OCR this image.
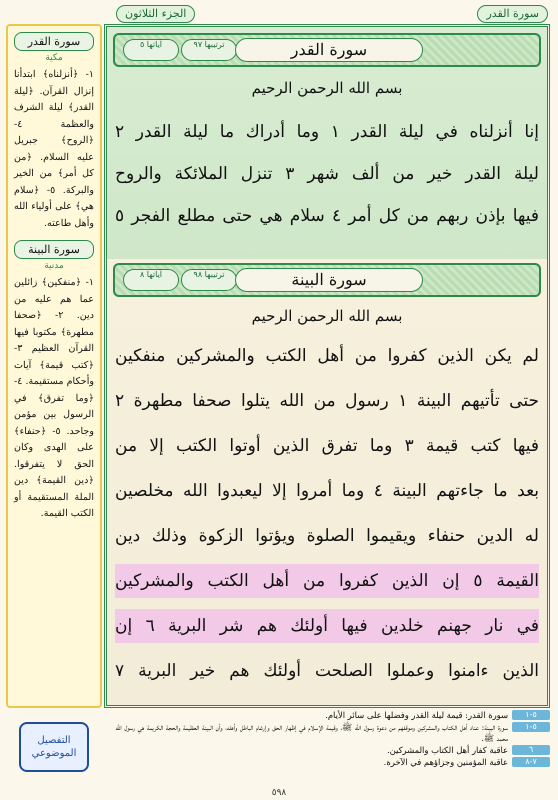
الجزء الثلاثون	سورة القدر
سورة القدر
مكية
١- ﴿أنزلناه﴾ ابتدأنا إنزال القرآن. ﴿ليلة القدر﴾ ليلة الشرف والعظمة ٤- ﴿الروح﴾ جبريل عليه السلام. ﴿من كل أمر﴾ من الخير والبركة. ٥- ﴿سلام هي﴾ على أولياء الله وأهل طاعته.
سورة البينة
مدنية
١- ﴿منفكين﴾ زائلين عما هم عليه من دين. ٢- ﴿صحفا مطهرة﴾ مكتوبا فيها القرآن العظيم ٣- ﴿كتب قيمة﴾ آيات وأحكام مستقيمة. ٤- ﴿وما تفرق﴾ في الرسول بين مؤمن وجاحد. ٥- ﴿حنفاء﴾ على الهدى وكان الحق لا يتفرقوا. ﴿دين القيمة﴾ دين الملة المستقيمة أو الكتب القيمة.
آياتها ٥	ترتيبها ٩٧	سورة القدر
بسم الله الرحمن الرحيم
إنا أنزلناه في ليلة القدر ١ وما أدراك ما ليلة القدر ٢
ليلة القدر خير من ألف شهر ٣ تنزل الملائكة والروح
فيها بإذن ربهم من كل أمر ٤ سلام هي حتى مطلع الفجر ٥
آياتها ٨	ترتيبها ٩٨	سورة البينة
بسم الله الرحمن الرحيم
لم يكن الذين كفروا من أهل الكتب والمشركين منفكين
حتى تأتيهم البينة ١ رسول من الله يتلوا صحفا مطهرة ٢
فيها كتب قيمة ٣ وما تفرق الذين أوتوا الكتب إلا من
بعد ما جاءتهم البينة ٤ وما أمروا إلا ليعبدوا الله مخلصين
له الدين حنفاء ويقيموا الصلوة ويؤتوا الزكوة وذلك دين
القيمة ٥ إن الذين كفروا من أهل الكتب والمشركين
في نار جهنم خلدين فيها أولئك هم شر البرية ٦ إن
الذين ءامنوا وعملوا الصلحت أولئك هم خير البرية ٧
التفصيل
الموضوعي
٥-١
سورة القدر: قيمة ليلة القدر وفضلها على سائر الأيام.
٥-١
سورة البينة: عناد أهل الكتاب والمشركين وموقفهم من دعوة رسول الله ﷺ، وقيمة الإسلام في إظهار الحق وإرغام الباطل وأهله، وأن البينة العظيمة والحجة الكريمة هي رسول الله محمد ﷺ.
٦
عاقبة كفار أهل الكتاب والمشركين.
٧-٨
عاقبة المؤمنين وجزاؤهم في الآخرة.
٥٩٨
